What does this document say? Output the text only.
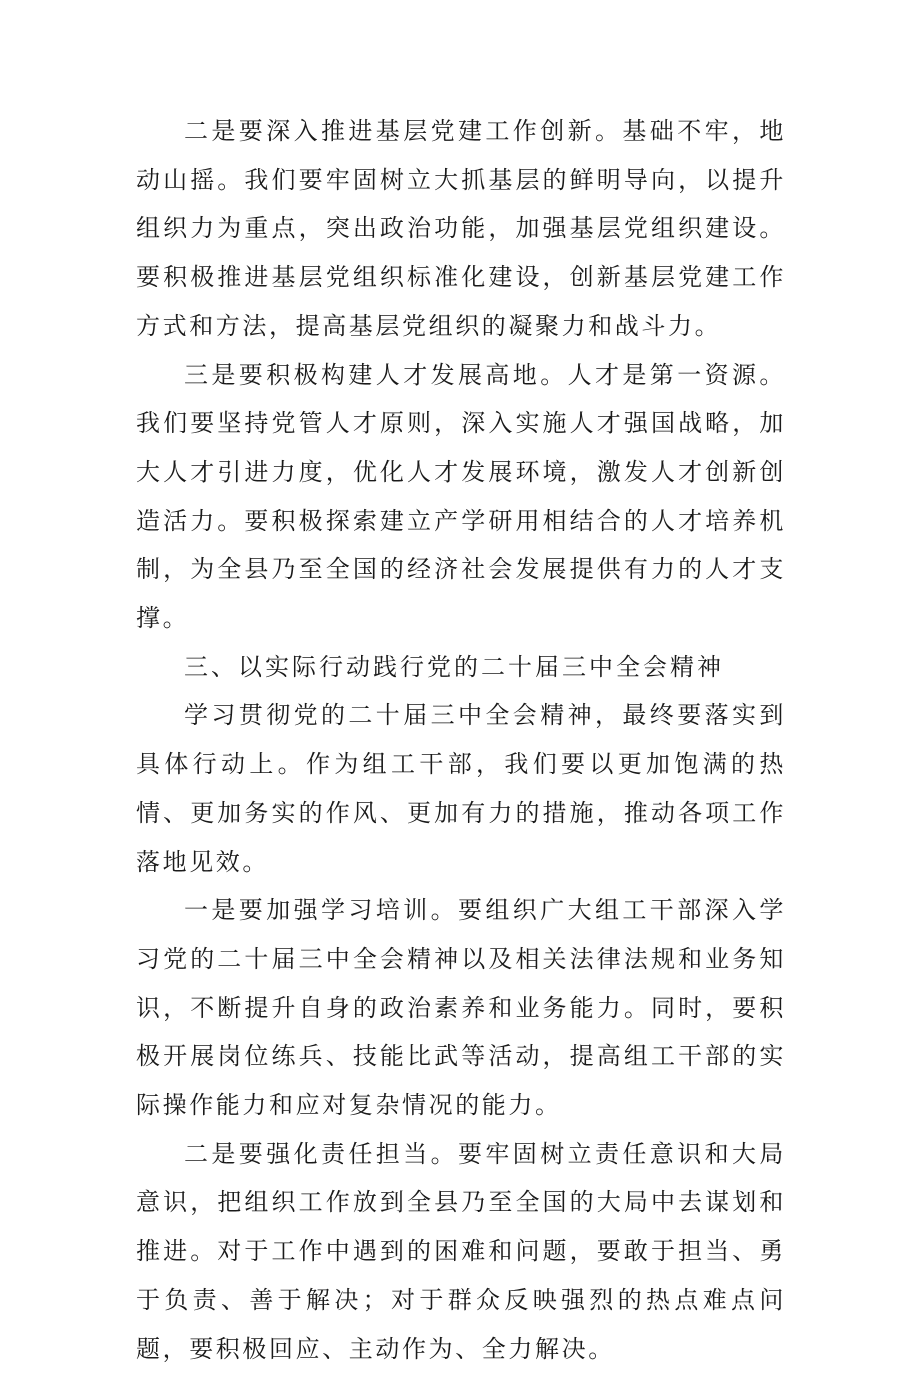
二是要深入推进基层党建工作创新。基础不牢，地动山摇。我们要牢固树立大抓基层的鲜明导向，以提升组织力为重点，突出政治功能，加强基层党组织建设。要积极推进基层党组织标准化建设，创新基层党建工作方式和方法，提高基层党组织的凝聚力和战斗力。

三是要积极构建人才发展高地。人才是第一资源。我们要坚持党管人才原则，深入实施人才强国战略，加大人才引进力度，优化人才发展环境，激发人才创新创造活力。要积极探索建立产学研用相结合的人才培养机制，为全县乃至全国的经济社会发展提供有力的人才支撑。

三、以实际行动践行党的二十届三中全会精神

学习贯彻党的二十届三中全会精神，最终要落实到具体行动上。作为组工干部，我们要以更加饱满的热情、更加务实的作风、更加有力的措施，推动各项工作落地见效。

一是要加强学习培训。要组织广大组工干部深入学习党的二十届三中全会精神以及相关法律法规和业务知识，不断提升自身的政治素养和业务能力。同时，要积极开展岗位练兵、技能比武等活动，提高组工干部的实际操作能力和应对复杂情况的能力。

二是要强化责任担当。要牢固树立责任意识和大局意识，把组织工作放到全县乃至全国的大局中去谋划和推进。对于工作中遇到的困难和问题，要敢于担当、勇于负责、善于解决；对于群众反映强烈的热点难点问题，要积极回应、主动作为、全力解决。
